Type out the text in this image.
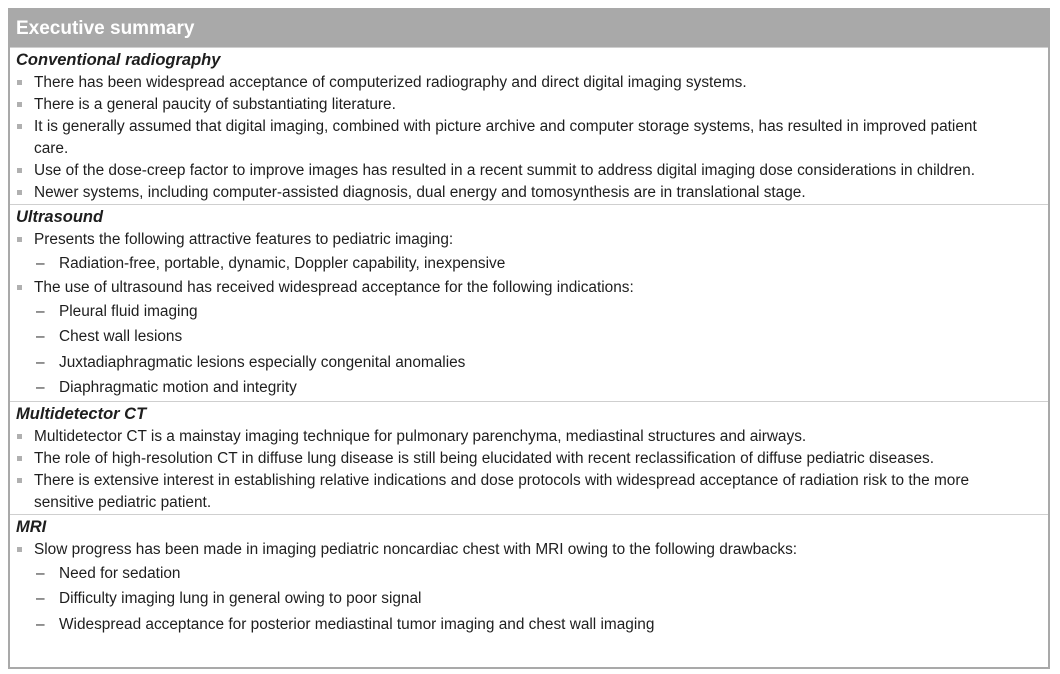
Executive summary
Conventional radiography
There has been widespread acceptance of computerized radiography and direct digital imaging systems.
There is a general paucity of substantiating literature.
It is generally assumed that digital imaging, combined with picture archive and computer storage systems, has resulted in improved patient care.
Use of the dose-creep factor to improve images has resulted in a recent summit to address digital imaging dose considerations in children.
Newer systems, including computer-assisted diagnosis, dual energy and tomosynthesis are in translational stage.
Ultrasound
Presents the following attractive features to pediatric imaging:
– Radiation-free, portable, dynamic, Doppler capability, inexpensive
The use of ultrasound has received widespread acceptance for the following indications:
– Pleural fluid imaging
– Chest wall lesions
– Juxtadiaphragmatic lesions especially congenital anomalies
– Diaphragmatic motion and integrity
Multidetector CT
Multidetector CT is a mainstay imaging technique for pulmonary parenchyma, mediastinal structures and airways.
The role of high-resolution CT in diffuse lung disease is still being elucidated with recent reclassification of diffuse pediatric diseases.
There is extensive interest in establishing relative indications and dose protocols with widespread acceptance of radiation risk to the more sensitive pediatric patient.
MRI
Slow progress has been made in imaging pediatric noncardiac chest with MRI owing to the following drawbacks:
– Need for sedation
– Difficulty imaging lung in general owing to poor signal
– Widespread acceptance for posterior mediastinal tumor imaging and chest wall imaging
